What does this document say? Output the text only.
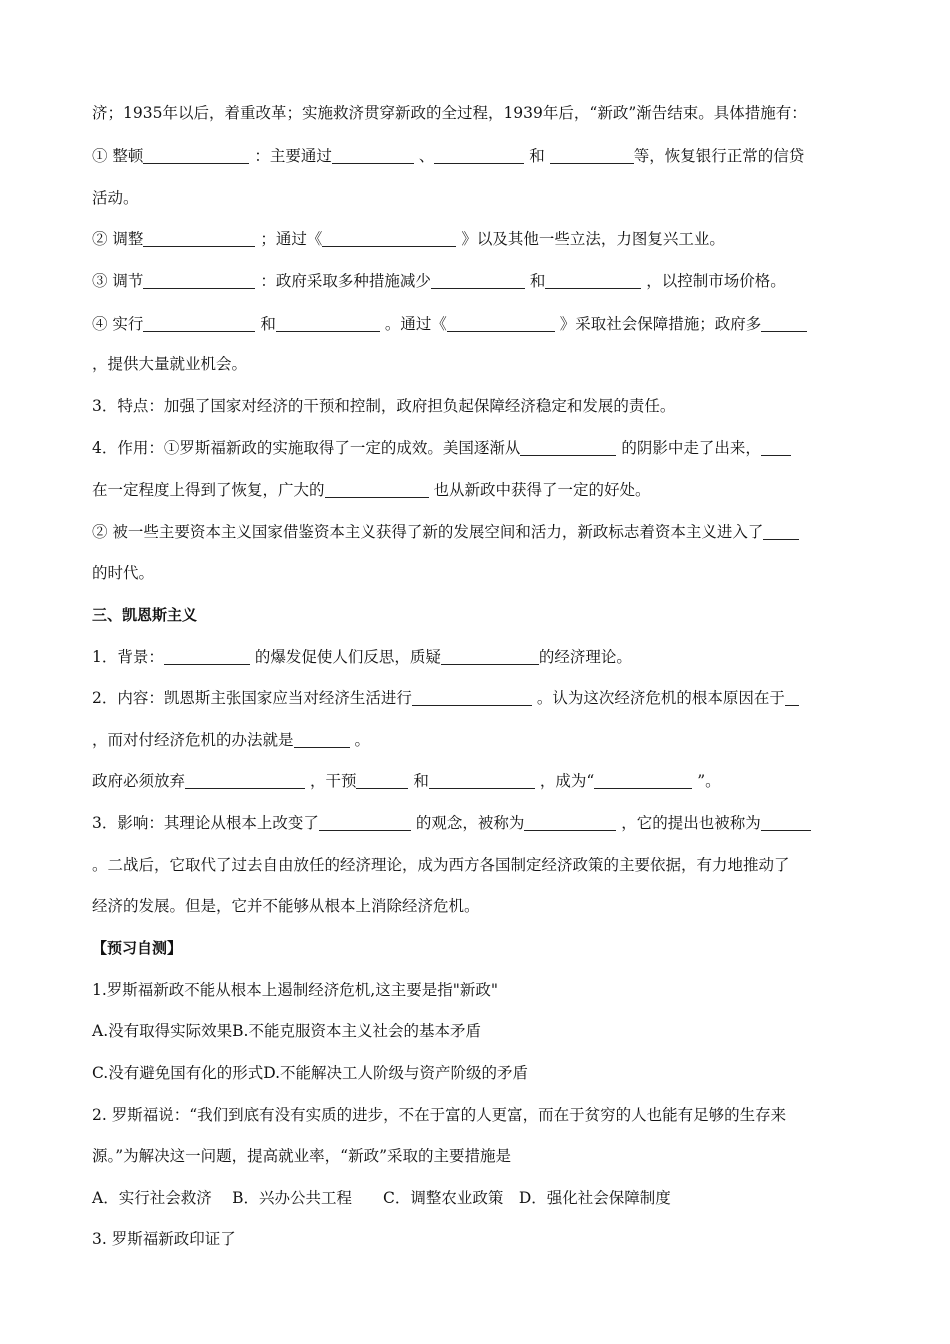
济；1935年以后，着重改革；实施救济贯穿新政的全过程，1939年后，“新政”渐告结束。具体措施有：
① 整顿	：主要通过	、	和	等，恢复银行正常的信贷
活动。
② 调整	；通过《	》以及其他一些立法，力图复兴工业。
③ 调节	：政府采取多种措施减少	和	，以控制市场价格。
④ 实行	和	。通过《	》采取社会保障措施；政府多
，提供大量就业机会。
3．特点：加强了国家对经济的干预和控制，政府担负起保障经济稳定和发展的责任。
4．作用：①罗斯福新政的实施取得了一定的成效。美国逐渐从	的阴影中走了出来，
在一定程度上得到了恢复，广大的	也从新政中获得了一定的好处。
② 被一些主要资本主义国家借鉴资本主义获得了新的发展空间和活力，新政标志着资本主义进入了
的时代。
三、凯恩斯主义
1．背景：	的爆发促使人们反思，质疑	的经济理论。
2．内容：凯恩斯主张国家应当对经济生活进行	。认为这次经济危机的根本原因在于
，而对付经济危机的办法就是	。
政府必须放弃	，干预	和	，成为“	”。
3．影响：其理论从根本上改变了	的观念，被称为	，它的提出也被称为
。二战后，它取代了过去自由放任的经济理论，成为西方各国制定经济政策的主要依据，有力地推动了
经济的发展。但是，它并不能够从根本上消除经济危机。
【预习自测】
1.罗斯福新政不能从根本上遏制经济危机,这主要是指"新政"
A.没有取得实际效果B.不能克服资本主义社会的基本矛盾
C.没有避免国有化的形式D.不能解决工人阶级与资产阶级的矛盾
2. 罗斯福说：“我们到底有没有实质的进步，不在于富的人更富，而在于贫穷的人也能有足够的生存来
源。”为解决这一问题，提高就业率，“新政”采取的主要措施是
A．实行社会救济　 B．兴办公共工程　　C．调整农业政策　D．强化社会保障制度
3. 罗斯福新政印证了
